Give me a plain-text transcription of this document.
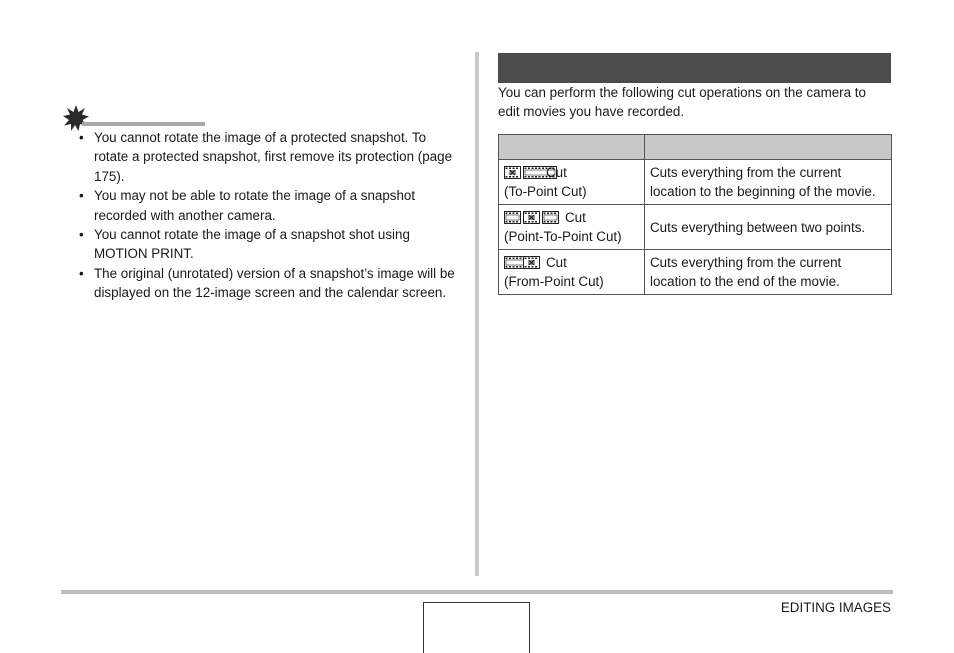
• You cannot rotate the image of a protected snapshot. To rotate a protected snapshot, first remove its protection (page 175).
• You may not be able to rotate the image of a snapshot recorded with another camera.
• You cannot rotate the image of a snapshot shot using MOTION PRINT.
• The original (unrotated) version of a snapshot’s image will be displayed on the 12-image screen and the calendar screen.
You can perform the following cut operations on the camera to edit movies you have recorded.

Cut
(To-Point Cut)	Cuts everything from the current location to the beginning of the movie.

Cut
(Point-To-Point Cut)	Cuts everything between two points.

Cut
(From-Point Cut)	Cuts everything from the current location to the end of the movie.
EDITING IMAGES
